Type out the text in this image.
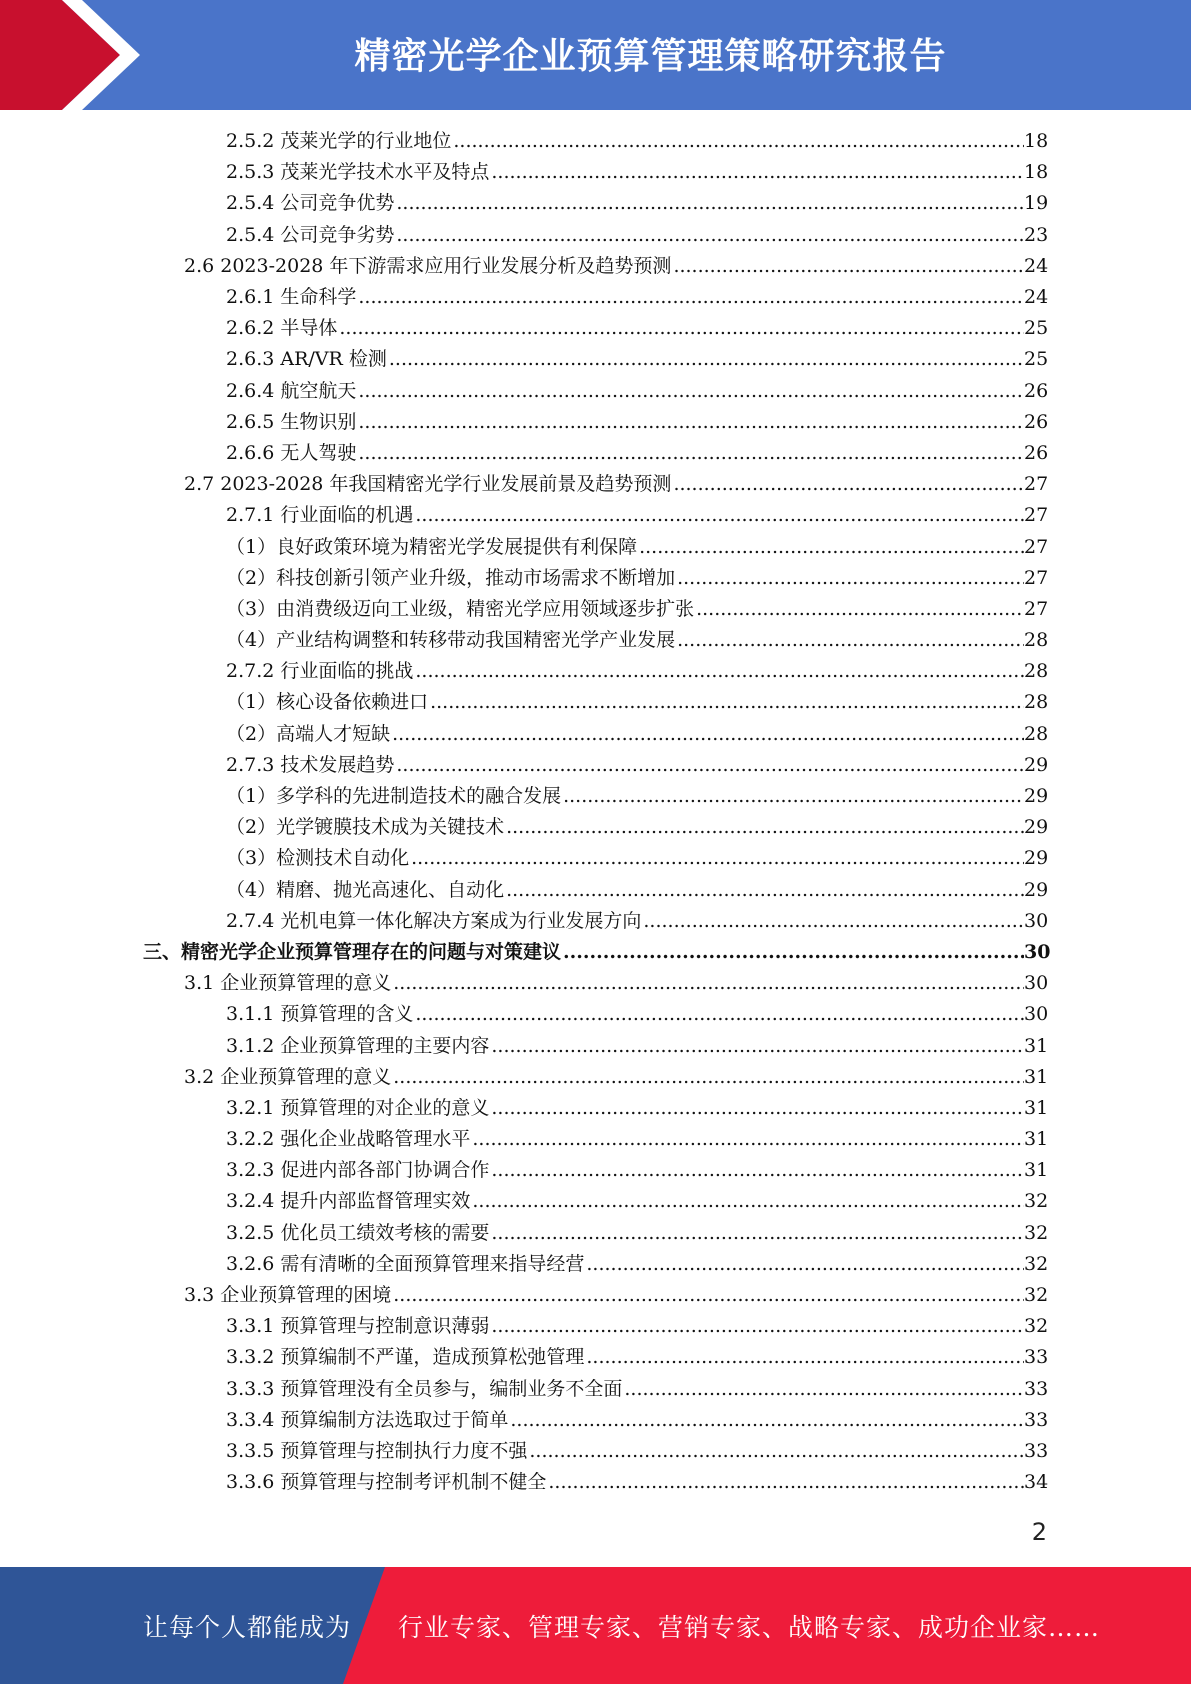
精密光学企业预算管理策略研究报告
2.5.2 茂莱光学的行业地位 .....	18
2.5.3 茂莱光学技术水平及特点 .....	18
2.5.4 公司竞争优势 .....	19
2.5.4 公司竞争劣势 .....	23
2.6 2023-2028 年下游需求应用行业发展分析及趋势预测 .....	24
2.6.1 生命科学 .....	24
2.6.2 半导体 .....	25
2.6.3 AR/VR 检测 .....	25
2.6.4 航空航天 .....	26
2.6.5 生物识别 .....	26
2.6.6 无人驾驶 .....	26
2.7 2023-2028 年我国精密光学行业发展前景及趋势预测 .....	27
2.7.1 行业面临的机遇 .....	27
（1）良好政策环境为精密光学发展提供有利保障 .....	27
（2）科技创新引领产业升级，推动市场需求不断增加 .....	27
（3）由消费级迈向工业级，精密光学应用领域逐步扩张 .....	27
（4）产业结构调整和转移带动我国精密光学产业发展 .....	28
2.7.2 行业面临的挑战 .....	28
（1）核心设备依赖进口 .....	28
（2）高端人才短缺 .....	28
2.7.3 技术发展趋势 .....	29
（1）多学科的先进制造技术的融合发展 .....	29
（2）光学镀膜技术成为关键技术 .....	29
（3）检测技术自动化 .....	29
（4）精磨、抛光高速化、自动化 .....	29
2.7.4 光机电算一体化解决方案成为行业发展方向 .....	30
三、精密光学企业预算管理存在的问题与对策建议 .....	30
3.1 企业预算管理的意义 .....	30
3.1.1 预算管理的含义 .....	30
3.1.2 企业预算管理的主要内容 .....	31
3.2 企业预算管理的意义 .....	31
3.2.1 预算管理的对企业的意义 .....	31
3.2.2 强化企业战略管理水平 .....	31
3.2.3 促进内部各部门协调合作 .....	31
3.2.4 提升内部监督管理实效 .....	32
3.2.5 优化员工绩效考核的需要 .....	32
3.2.6 需有清晰的全面预算管理来指导经营 .....	32
3.3 企业预算管理的困境 .....	32
3.3.1 预算管理与控制意识薄弱 .....	32
3.3.2 预算编制不严谨，造成预算松弛管理 .....	33
3.3.3 预算管理没有全员参与，编制业务不全面 .....	33
3.3.4 预算编制方法选取过于简单 .....	33
3.3.5 预算管理与控制执行力度不强 .....	33
3.3.6 预算管理与控制考评机制不健全 .....	34
2
让每个人都能成为 行业专家、管理专家、营销专家、战略专家、成功企业家……
